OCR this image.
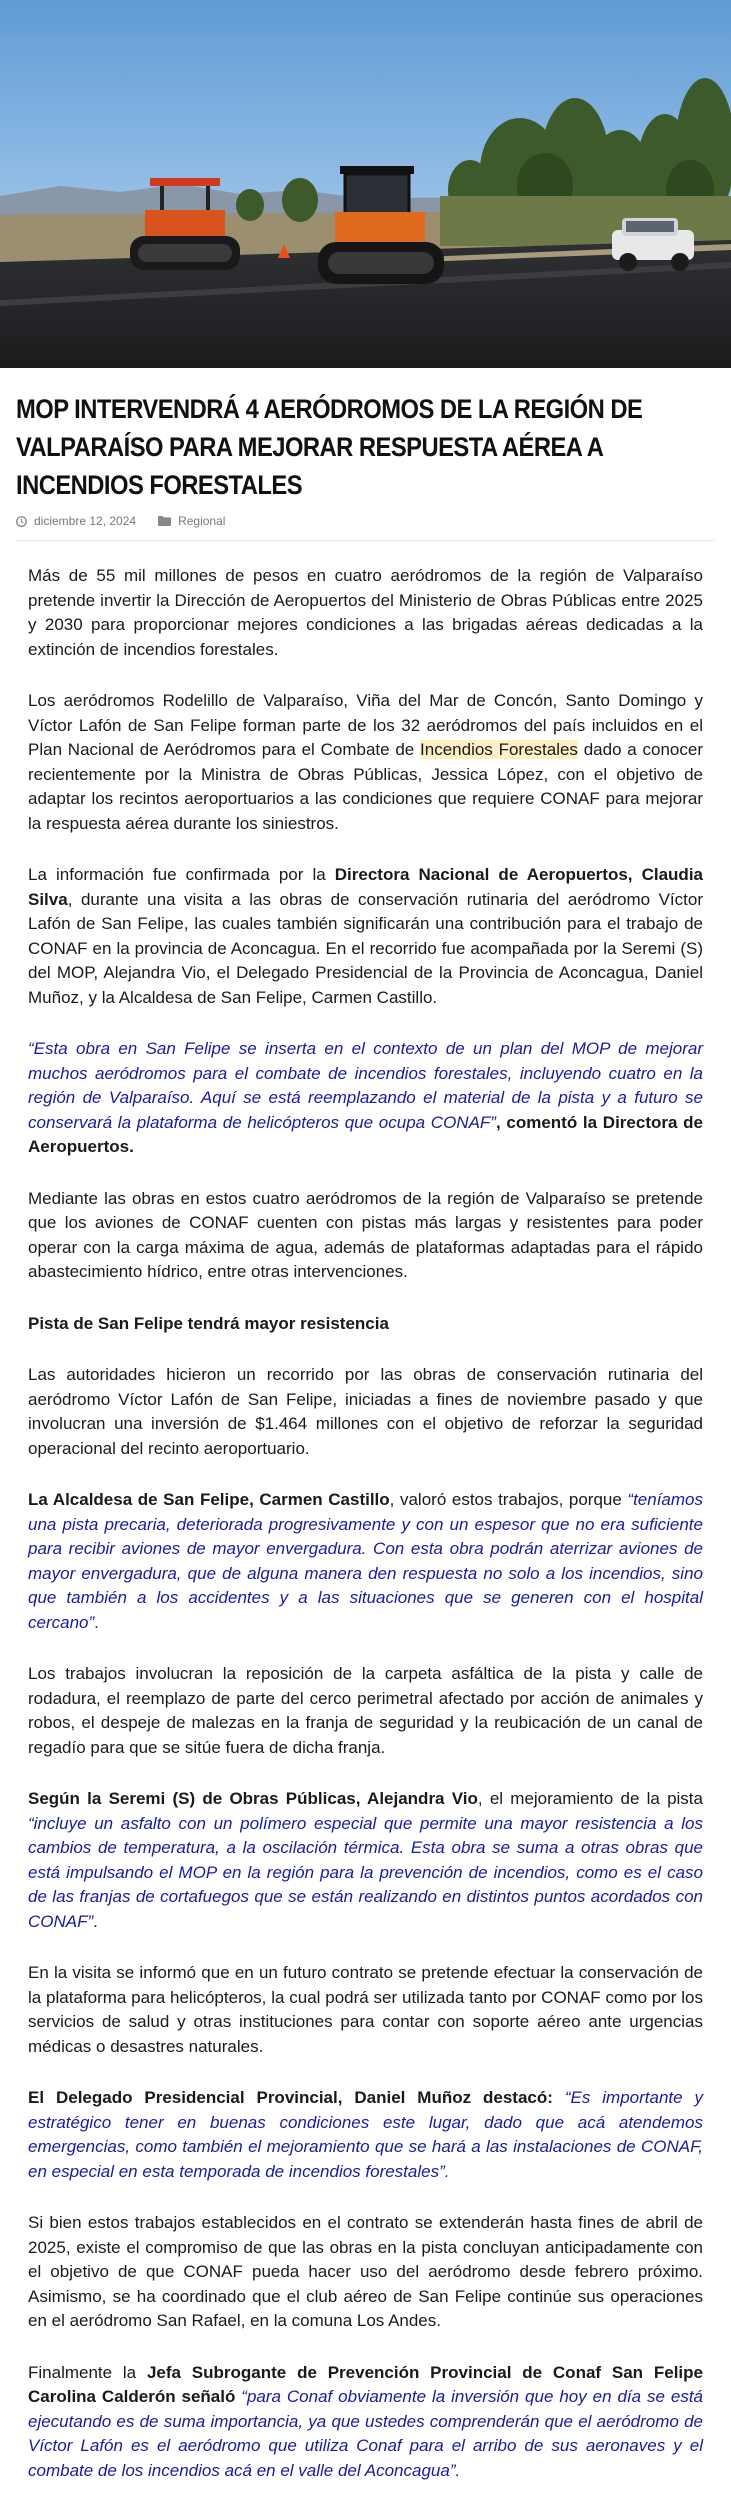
MOP INTERVENDRÁ 4 AERÓDROMOS DE LA REGIÓN DE VALPARAÍSO PARA MEJORAR RESPUESTA AÉREA A INCENDIOS FORESTALES
diciembre 12, 2024	Regional

Más de 55 mil millones de pesos en cuatro aeródromos de la región de Valparaíso pretende invertir la Dirección de Aeropuertos del Ministerio de Obras Públicas entre 2025 y 2030 para proporcionar mejores condiciones a las brigadas aéreas dedicadas a la extinción de incendios forestales.

Los aeródromos Rodelillo de Valparaíso, Viña del Mar de Concón, Santo Domingo y Víctor Lafón de San Felipe forman parte de los 32 aeródromos del país incluidos en el Plan Nacional de Aeródromos para el Combate de Incendios Forestales dado a conocer recientemente por la Ministra de Obras Públicas, Jessica López, con el objetivo de adaptar los recintos aeroportuarios a las condiciones que requiere CONAF para mejorar la respuesta aérea durante los siniestros.

La información fue confirmada por la Directora Nacional de Aeropuertos, Claudia Silva, durante una visita a las obras de conservación rutinaria del aeródromo Víctor Lafón de San Felipe, las cuales también significarán una contribución para el trabajo de CONAF en la provincia de Aconcagua. En el recorrido fue acompañada por la Seremi (S) del MOP, Alejandra Vio, el Delegado Presidencial de la Provincia de Aconcagua, Daniel Muñoz, y la Alcaldesa de San Felipe, Carmen Castillo.

“Esta obra en San Felipe se inserta en el contexto de un plan del MOP de mejorar muchos aeródromos para el combate de incendios forestales, incluyendo cuatro en la región de Valparaíso. Aquí se está reemplazando el material de la pista y a futuro se conservará la plataforma de helicópteros que ocupa CONAF”, comentó la Directora de Aeropuertos.

Mediante las obras en estos cuatro aeródromos de la región de Valparaíso se pretende que los aviones de CONAF cuenten con pistas más largas y resistentes para poder operar con la carga máxima de agua, además de plataformas adaptadas para el rápido abastecimiento hídrico, entre otras intervenciones.

Pista de San Felipe tendrá mayor resistencia

Las autoridades hicieron un recorrido por las obras de conservación rutinaria del aeródromo Víctor Lafón de San Felipe, iniciadas a fines de noviembre pasado y que involucran una inversión de $1.464 millones con el objetivo de reforzar la seguridad operacional del recinto aeroportuario.

La Alcaldesa de San Felipe, Carmen Castillo, valoró estos trabajos, porque “teníamos una pista precaria, deteriorada progresivamente y con un espesor que no era suficiente para recibir aviones de mayor envergadura. Con esta obra podrán aterrizar aviones de mayor envergadura, que de alguna manera den respuesta no solo a los incendios, sino que también a los accidentes y a las situaciones que se generen con el hospital cercano”.

Los trabajos involucran la reposición de la carpeta asfáltica de la pista y calle de rodadura, el reemplazo de parte del cerco perimetral afectado por acción de animales y robos, el despeje de malezas en la franja de seguridad y la reubicación de un canal de regadío para que se sitúe fuera de dicha franja.

Según la Seremi (S) de Obras Públicas, Alejandra Vio, el mejoramiento de la pista “incluye un asfalto con un polímero especial que permite una mayor resistencia a los cambios de temperatura, a la oscilación térmica. Esta obra se suma a otras obras que está impulsando el MOP en la región para la prevención de incendios, como es el caso de las franjas de cortafuegos que se están realizando en distintos puntos acordados con CONAF”.

En la visita se informó que en un futuro contrato se pretende efectuar la conservación de la plataforma para helicópteros, la cual podrá ser utilizada tanto por CONAF como por los servicios de salud y otras instituciones para contar con soporte aéreo ante urgencias médicas o desastres naturales.

El Delegado Presidencial Provincial, Daniel Muñoz destacó: “Es importante y estratégico tener en buenas condiciones este lugar, dado que acá atendemos emergencias, como también el mejoramiento que se hará a las instalaciones de CONAF, en especial en esta temporada de incendios forestales”.

Si bien estos trabajos establecidos en el contrato se extenderán hasta fines de abril de 2025, existe el compromiso de que las obras en la pista concluyan anticipadamente con el objetivo de que CONAF pueda hacer uso del aeródromo desde febrero próximo. Asimismo, se ha coordinado que el club aéreo de San Felipe continúe sus operaciones en el aeródromo San Rafael, en la comuna Los Andes.

Finalmente la Jefa Subrogante de Prevención Provincial de Conaf San Felipe Carolina Calderón señaló “para Conaf obviamente la inversión que hoy en día se está ejecutando es de suma importancia, ya que ustedes comprenderán que el aeródromo de Víctor Lafón es el aeródromo que utiliza Conaf para el arribo de sus aeronaves y el combate de los incendios acá en el valle del Aconcagua”.
